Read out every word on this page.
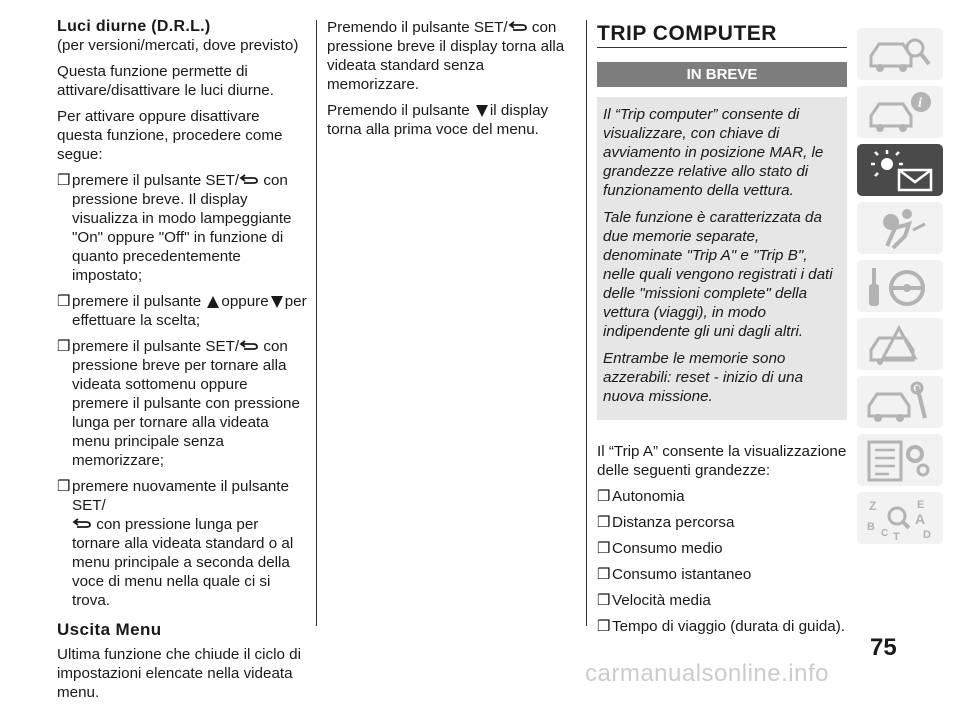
Luci diurne (D.R.L.)
(per versioni/mercati, dove previsto)

Questa funzione permette di attivare/disattivare le luci diurne.

Per attivare oppure disattivare questa funzione, procedere come segue:

❒ premere il pulsante SET/ con pressione breve. Il display visualizza in modo lampeggiante "On" oppure "Off" in funzione di quanto precedentemente impostato;
❒ premere il pulsante oppure per effettuare la scelta;
❒ premere il pulsante SET/ con pressione breve per tornare alla videata sottomenu oppure premere il pulsante con pressione lunga per tornare alla videata menu principale senza memorizzare;
❒ premere nuovamente il pulsante SET/
con pressione lunga per tornare alla videata standard o al menu principale a seconda della voce di menu nella quale ci si trova.
Uscita Menu

Ultima funzione che chiude il ciclo di impostazioni elencate nella videata menu.

Premendo il pulsante SET/ con pressione breve il display torna alla videata standard senza memorizzare.

Premendo il pulsante il display torna alla prima voce del menu.

TRIP COMPUTER
IN BREVE

Il “Trip computer” consente di visualizzare, con chiave di avviamento in posizione MAR, le grandezze relative allo stato di funzionamento della vettura.

Tale funzione è caratterizzata da due memorie separate, denominate "Trip A" e "Trip B", nelle quali vengono registrati i dati delle "missioni complete" della vettura (viaggi), in modo indipendente gli uni dagli altri.

Entrambe le memorie sono azzerabili: reset - inizio di una nuova missione.

Il “Trip A” consente la visualizzazione delle seguenti grandezze:

❒ Autonomia
❒ Distanza percorsa
❒ Consumo medio
❒ Consumo istantaneo
❒ Velocità media
❒ Tempo di viaggio (durata di guida).
i
Z	E
B	A
D
C T
75
carmanualsonline.info
